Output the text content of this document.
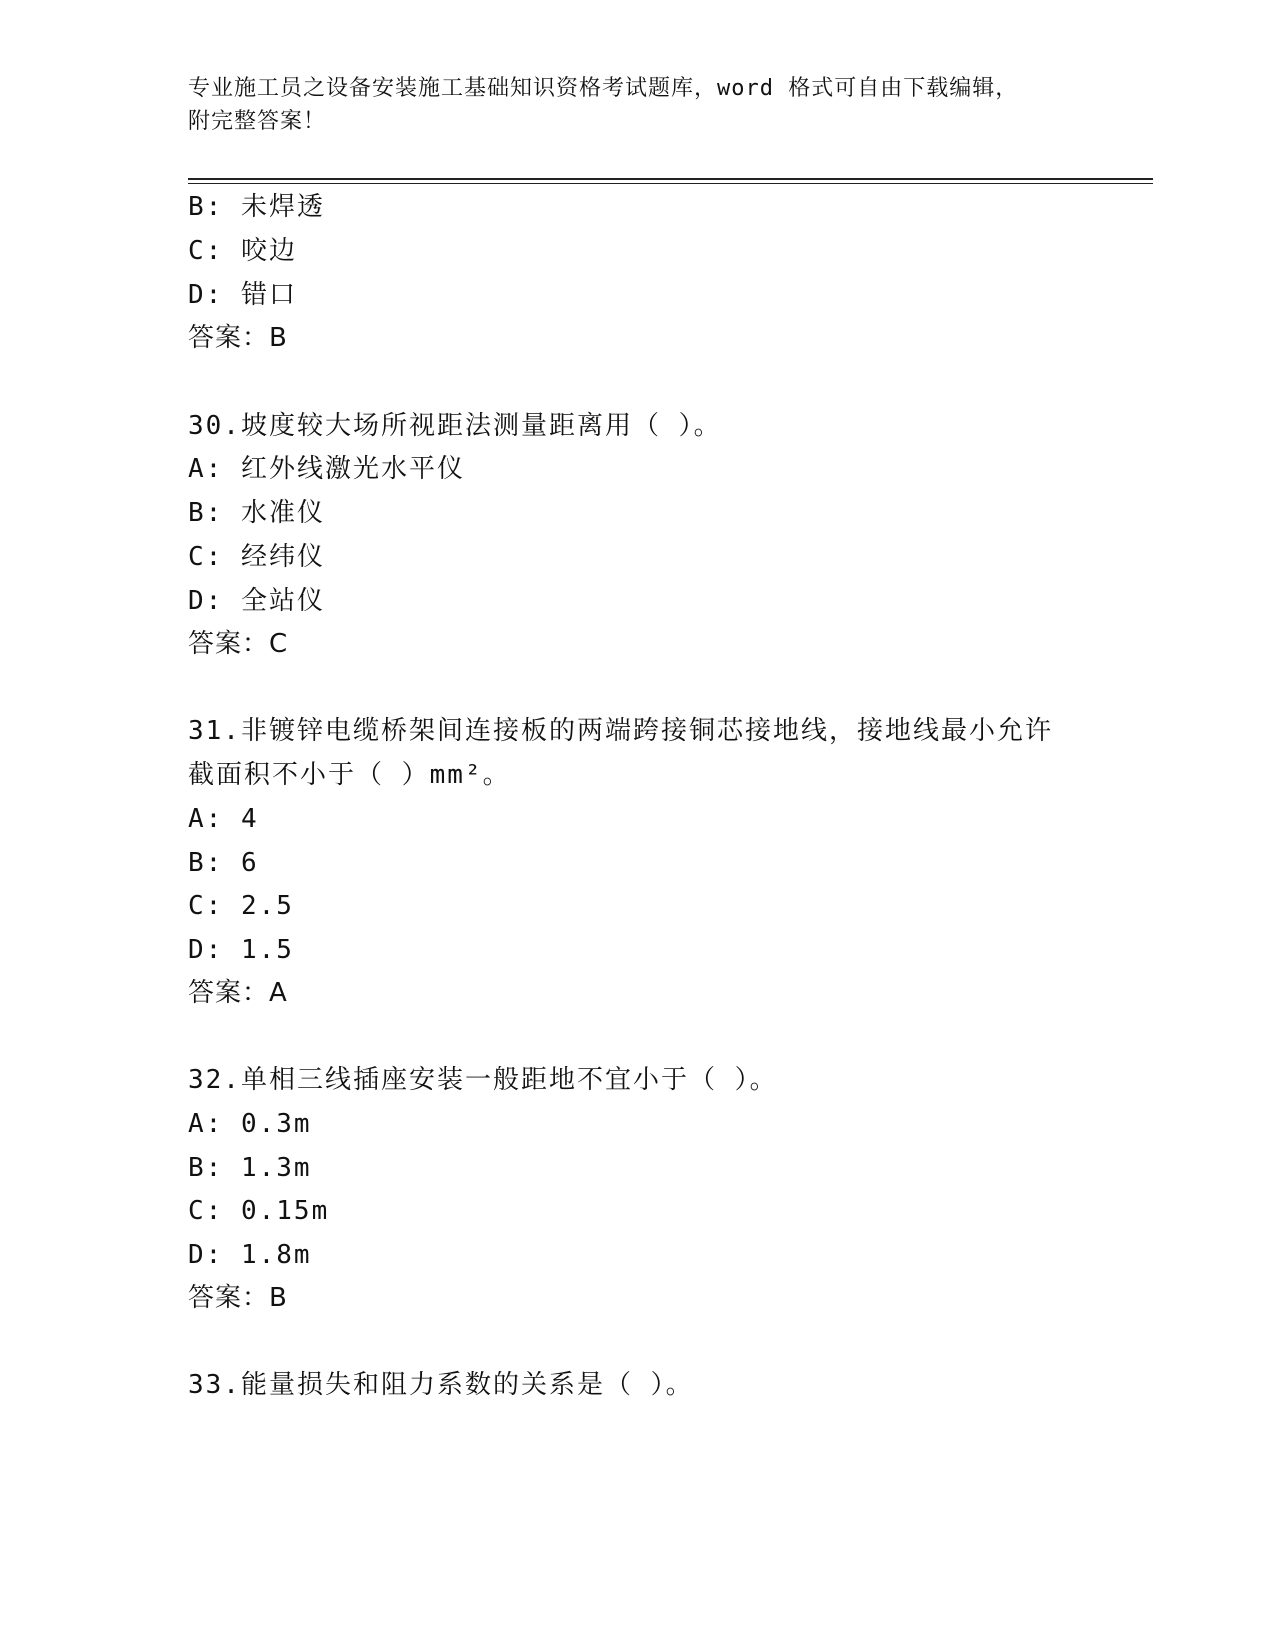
专业施工员之设备安装施工基础知识资格考试题库，word 格式可自由下载编辑，
附完整答案！
B: 未焊透
C: 咬边
D: 错口
答案：B
30.坡度较大场所视距法测量距离用（ ）。
A: 红外线激光水平仪
B: 水准仪
C: 经纬仪
D: 全站仪
答案：C
31.非镀锌电缆桥架间连接板的两端跨接铜芯接地线，接地线最小允许
截面积不小于（ ）mm²。
A: 4
B: 6
C: 2.5
D: 1.5
答案：A
32.单相三线插座安装一般距地不宜小于（ ）。
A: 0.3m
B: 1.3m
C: 0.15m
D: 1.8m
答案：B
33.能量损失和阻力系数的关系是（ ）。
